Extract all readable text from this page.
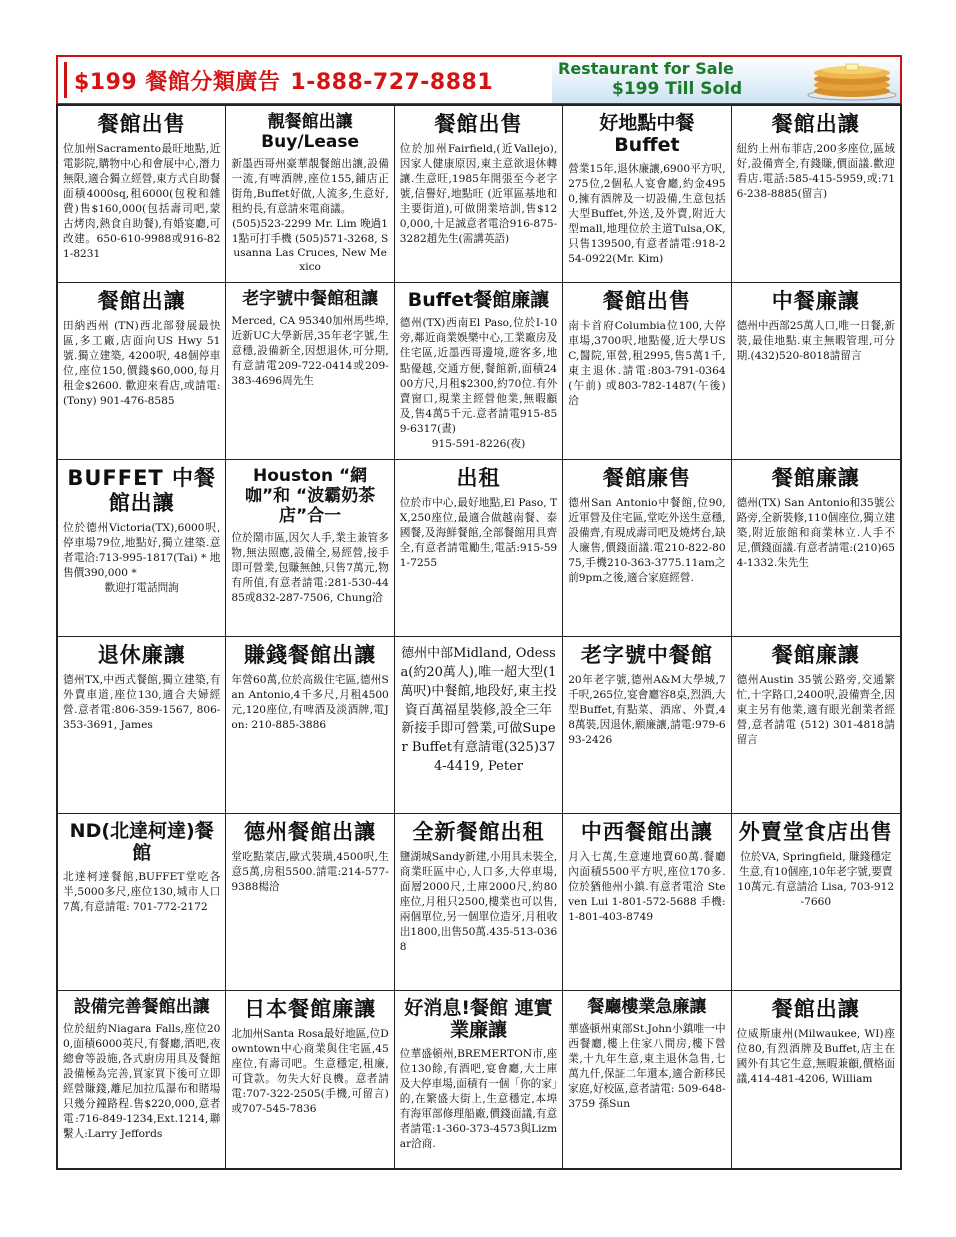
$199 餐館分類廣告 1-888-727-8881
Restaurant for Sale
$199 Till Sold
餐館出售

位加州Sacramento最旺地點,近電影院,購物中心和會展中心,潛力無限,適合獨立經營,東方式自助餐面積4000sq,租6000(包稅和雜費)售$160,000(包括壽司吧,蒙古烤肉,熱食自助餐),有婚宴廳,可改建。650-610-9988或916-821-8231

靚餐館出讓Buy/Lease

新墨西哥州豪華靚餐館出讓,設備一流,有啤酒牌,座位155,鋪店正街角,Buffet好做,人流多,生意好,租約長,有意請來電商議。

(505)523-2299 Mr. Lim 晚過11點可打手機 (505)571-3268, Susanna Las Cruces, New Mexico

餐館出售

位於加州Fairfield,(近Vallejo),因家人健康原因,東主意欲退休轉讓.生意旺,1985年開張至今老字號,信譽好,地點旺 (近軍區基地和主要街道),可做開業培訓,售$120,000,十足誠意者電洽916-875-3282趙先生(需講英語)

好地點中餐Buffet

營業15年,退休廉讓,6900平方呎,275位,2個私人宴會廳,約金4950,擁有酒牌及一切設備,生意包括大型Buffet,外送,及外賣,附近大型mall,地理位於主道Tulsa,OK,只售139500,有意者請電:918-254-0922(Mr. Kim)

餐館出讓

紐約上州布菲店,200多座位,區域好,設備齊全,有錢賺,價面議.歡迎看店.電話:585-415-5959,或:716-238-8885(留言)

餐館出讓

田納西州 (TN)西北部發展最快區,多工廠,店面向US Hwy 51 號.獨立建築, 4200呎, 48個停車位,座位150,價錢$60,000,每月租金$2600. 歡迎來看店,或請電: (Tony) 901-476-8585

老字號中餐館租讓

Merced, CA 95340加州馬些埠,近新UC大學新居,35年老字號,生意穩,設備新全,因想退休,可分期,有意請電209-722-0414或209-383-4696周先生

Buffet餐館廉讓

德州(TX)西南El Paso,位於I-10旁,鄰近商業娛樂中心,工業廠房及住宅區,近墨西哥邊境,遊客多,地點優越,交通方便,餐館新,面積2400方尺,月租$2300,約70位.有外賣窗口,現業主經營他業,無暇顧及,售4萬5千元.意者請電915-859-6317(晝)

915-591-8226(夜)

餐館出售

南卡首府Columbia位100,大停車場,3700呎,地點優,近大學USC,醫院,軍營,租2995,售5萬1千,東主退休.請電:803-791-0364(午前) 或803-782-1487(午後)洽

中餐廉讓

德州中西部25萬人口,唯一日餐,新裝,最佳地點.東主無暇管理,可分期.(432)520-8018請留言

BUFFET 中餐館出讓

位於德州Victoria(TX),6000呎,停車場79位,地點好,獨立建築.意者電洽:713-995-1817(Tai) * 地售價390,000 *

歡迎打電話問詢

Houston “網咖”和 “波霸奶茶店”合一

位於鬧市區,因欠人手,業主兼管多物,無法照應,設備全,易經營,接手即可營業,包賺無蝕,只售7萬元,物有所值,有意者請電:281-530-4485或832-287-7506, Chung洽

出租

位於市中心,最好地點,El Paso, TX,250座位,最適合做越南餐、泰國餐,及海鮮餐館,全部餐館用具齊全,有意者請電勵生,電話:915-591-7255

餐館廉售

德州San Antonio中餐館,位90,近軍營及住宅區,堂吃外送生意穩,設備齊,有現成壽司吧及燒烤台,缺人廉售,價錢面議.電210-822-8075,手機210-363-3775.11am之前9pm之後,適合家庭經營.

餐館廉讓

德州(TX) San Antonio和35號公路旁,全新裝修,110個座位,獨立建築,附近旅館和商業林立.人手不足,價錢面議.有意者請電:(210)654-1332.朱先生

退休廉讓

德州TX,中西式餐館,獨立建築,有外賣車道,座位130,適合夫婦經營.意者電:806-359-1567, 806-353-3691, James

賺錢餐館出讓

年營60萬,位於高級住宅區,德州San Antonio,4千多尺,月租4500元,120座位,有啤酒及淡酒牌,電Jon: 210-885-3886

德州中部Midland, Odessa(約20萬人),唯一超大型(1萬呎)中餐館,地段好,東主投資百萬福星裝修,設全三年新接手即可營業,可做Super Buffet有意請電(325)374-4419, Peter

老字號中餐館

20年老字號,德州A&M大學城,7千呎,265位,宴會廳容8桌,烈酒,大型Buffet,有點菜、酒席、外賣,48萬裝,因退休,願廉讓,請電:979-693-2426

餐館廉讓

德州Austin 35號公路旁,交通繁忙,十字路口,2400呎,設備齊全,因東主另有他業,適有眼光創業者經營,意者請電 (512) 301-4818請留言

ND(北達柯達)餐館

北達柯達餐館,BUFFET堂吃各半,5000多尺,座位130,城市人口7萬,有意請電: 701-772-2172

德州餐館出讓

堂吃點菜店,歐式裝璜,4500呎,生意5萬,房租5500.請電:214-577-9388楊洽

全新餐館出租

鹽湖城Sandy新建,小用具未裝全,商業旺區中心,人口多,大停車場,面層2000尺,土庫2000尺,約80座位,月租只2500,樓業也可以售,兩個單位,另一個單位造牙,月租收出1800,出售50萬.435-513-0368

中西餐館出讓

月入七萬,生意連地賣60萬.餐廳內面積5500平方呎,座位170多.位於猶他州小鎮.有意者電洽 Steven Lui 1-801-572-5688 手機:1-801-403-8749

外賣堂食店出售

位於VA, Springfield, 賺錢穩定生意,有10個座,10年老字號,要賣10萬元.有意請洽 Lisa, 703-912-7660

設備完善餐館出讓

位於紐約Niagara Falls,座位200,面積6000英尺,有餐廳,酒吧,夜總會等設施,各式廚房用具及餐館設備極為完善,買家買下後可立即經營賺錢,離尼加拉瓜瀑布和賭場只幾分鐘路程.售$220,000,意者電:716-849-1234,Ext.1214,聯繫人:Larry Jeffords

日本餐館廉讓

北加州Santa Rosa最好地區,位Downtown中心商業與住宅區,45座位,有壽司吧。生意穩定,租廉,可貸款。勿失大好良機。意者請電:707-322-2505(手機,可留言)或707-545-7836

好消息!餐館 連實業廉讓

位華盛頓州,BREMERTON市,座位130餘,有酒吧,宴會廳,大土庫及大停車場,面積有一個「你的家」的,在繁盛大街上,生意穩定,本埠有海軍部修理船廠,價錢面議,有意者請電:1-360-373-4573與Lizmar洽商.

餐廳樓業急廉讓

華盛頓州東部St.John小鎮唯一中西餐廳,樓上住家八間房,樓下營業,十九年生意,東主退休急售,七萬九仟,保証二年還本,適合新移民家庭,好校區,意者請電: 509-648-3759 孫Sun

餐館出讓

位威斯康州(Milwaukee, WI)座位80,有烈酒牌及Buffet,店主在國外有其它生意,無暇兼顧,價格面議,414-481-4206, William
